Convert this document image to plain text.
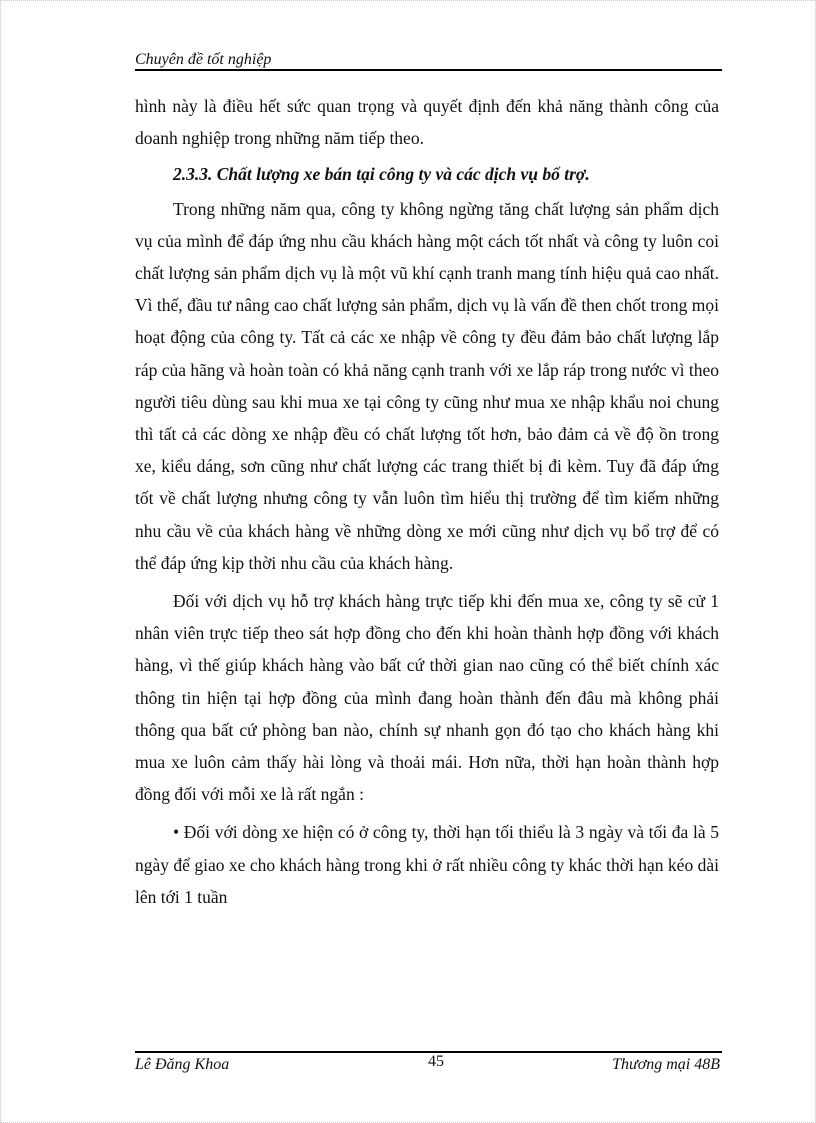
Chuyên đề tốt nghiệp

hình này là điều hết sức quan trọng và quyết định đến khả năng thành công của doanh nghiệp trong những năm tiếp theo.

2.3.3. Chất lượng xe bán tại công ty và các dịch vụ bổ trợ.

Trong những năm qua, công ty không ngừng tăng chất lượng sản phẩm dịch vụ của mình để đáp ứng nhu cầu khách hàng một cách tốt nhất và công ty luôn coi chất lượng sản phẩm dịch vụ là một vũ khí cạnh tranh mang tính hiệu quả cao nhất. Vì thế, đầu tư nâng cao chất lượng sản phẩm, dịch vụ là vấn đề then chốt trong mọi hoạt động của công ty. Tất cả các xe nhập về công ty đều đảm bảo chất lượng lắp ráp của hãng và hoàn toàn có khả năng cạnh tranh với xe lắp ráp trong nước vì theo người tiêu dùng sau khi mua xe tại công ty cũng như mua xe nhập khẩu noi chung thì tất cả các dòng xe nhập đều có chất lượng tốt hơn, bảo đảm cả về độ ồn trong xe, kiểu dáng, sơn cũng như chất lượng các trang thiết bị đi kèm. Tuy đã đáp ứng tốt về chất lượng nhưng công ty vẫn luôn tìm hiểu thị trường để tìm kiếm những nhu cầu về của khách hàng về những dòng xe mới cũng như dịch vụ bổ trợ để có thể đáp ứng kịp thời nhu cầu của khách hàng.

Đối với dịch vụ hỗ trợ khách hàng trực tiếp khi đến mua xe, công ty sẽ cử 1 nhân viên trực tiếp theo sát hợp đồng cho đến khi hoàn thành hợp đồng với khách hàng, vì thế giúp khách hàng vào bất cứ thời gian nao cũng có thể biết chính xác thông tin hiện tại hợp đồng của mình đang hoàn thành đến đâu mà không phải thông qua bất cứ phòng ban nào, chính sự nhanh gọn đó tạo cho khách hàng khi mua xe luôn cảm thấy hài lòng và thoải mái. Hơn nữa, thời hạn hoàn thành hợp đồng đối với mỗi xe là rất ngắn :

• Đối với dòng xe hiện có ở công ty, thời hạn tối thiểu là 3 ngày và tối đa là 5 ngày để giao xe cho khách hàng trong khi ở rất nhiều công ty khác thời hạn kéo dài lên tới 1 tuần

Lê Đăng Khoa	45	Thương mại 48B
